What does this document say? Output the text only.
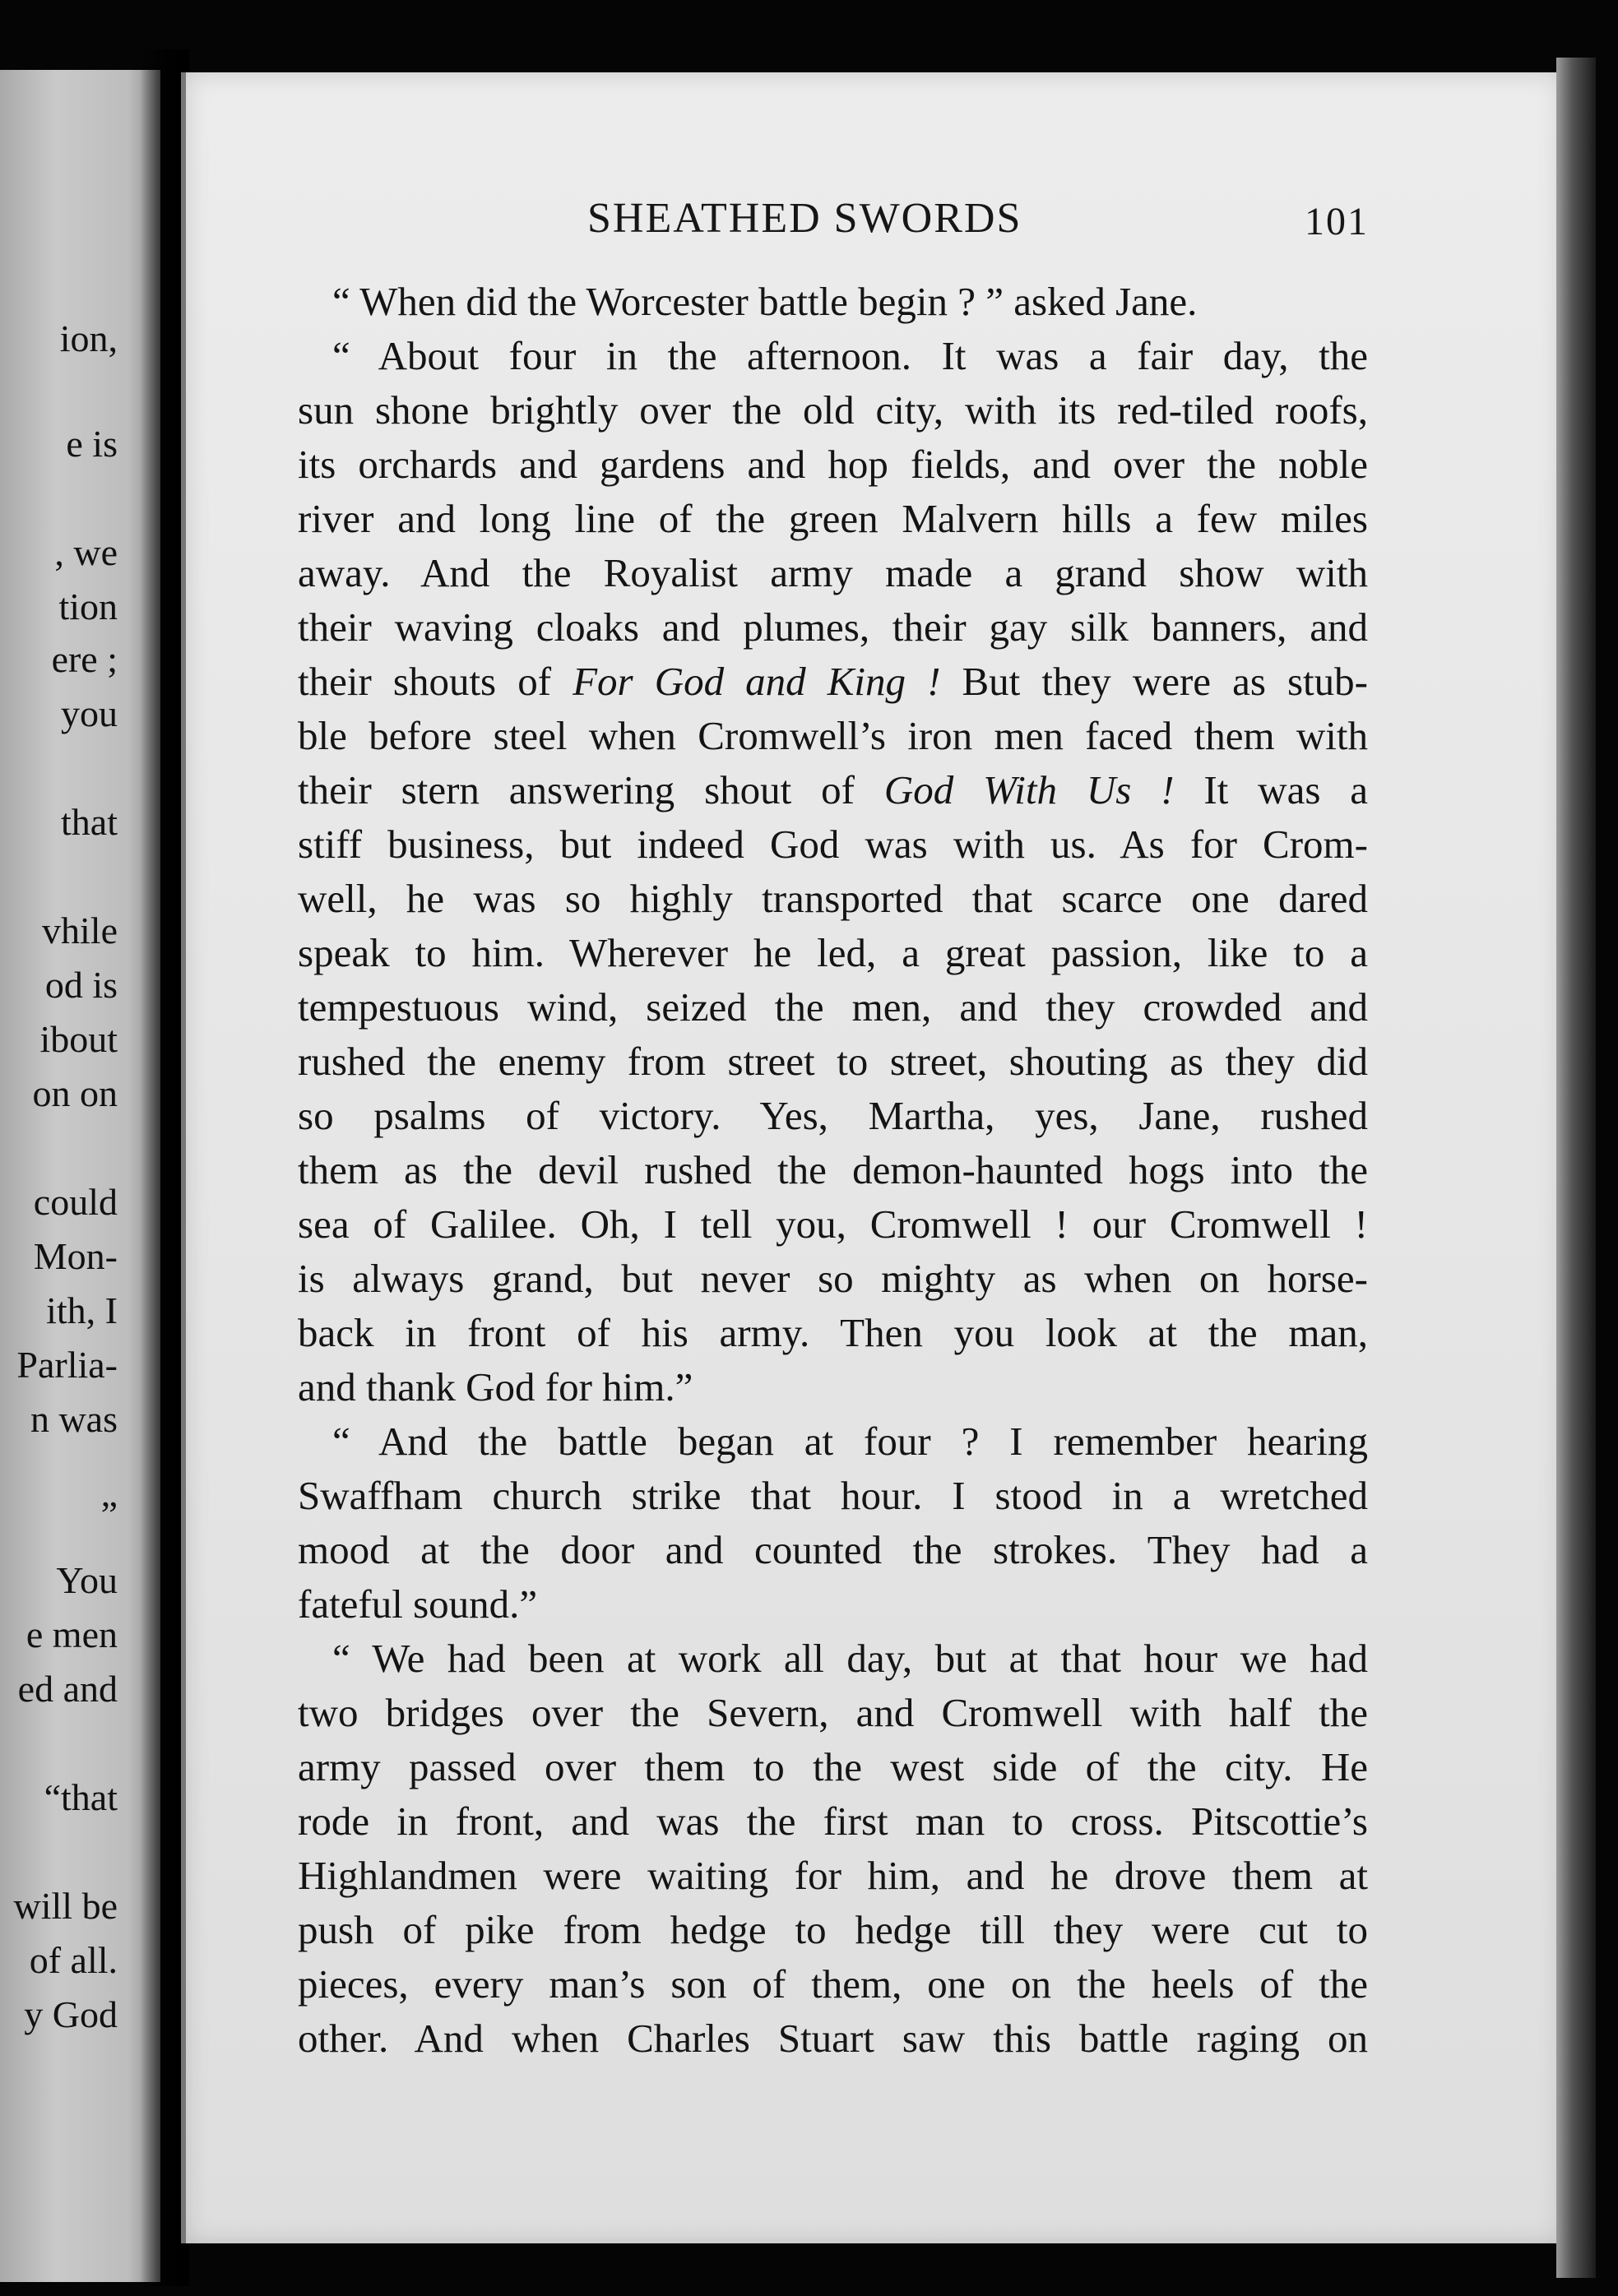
ion,
e is
, we
tion
ere ;
you
that
vhile
od is
ibout
on on
could
Mon-
ith, I
Parlia-
n was
”
You
e men
ed and
“that
will be
of all.
y God
SHEATHED SWORDS	101
“ When did the Worcester battle begin ? ” asked Jane.
“ About four in the afternoon. It was a fair day, the
sun shone brightly over the old city, with its red-tiled roofs,
its orchards and gardens and hop fields, and over the noble
river and long line of the green Malvern hills a few miles
away. And the Royalist army made a grand show with
their waving cloaks and plumes, their gay silk banners, and
their shouts of For God and King ! But they were as stub-
ble before steel when Cromwell’s iron men faced them with
their stern answering shout of God With Us ! It was a
stiff business, but indeed God was with us. As for Crom-
well, he was so highly transported that scarce one dared
speak to him. Wherever he led, a great passion, like to a
tempestuous wind, seized the men, and they crowded and
rushed the enemy from street to street, shouting as they did
so psalms of victory. Yes, Martha, yes, Jane, rushed
them as the devil rushed the demon-haunted hogs into the
sea of Galilee. Oh, I tell you, Cromwell ! our Cromwell !
is always grand, but never so mighty as when on horse-
back in front of his army. Then you look at the man,
and thank God for him.”
“ And the battle began at four ? I remember hearing
Swaffham church strike that hour. I stood in a wretched
mood at the door and counted the strokes. They had a
fateful sound.”
“ We had been at work all day, but at that hour we had
two bridges over the Severn, and Cromwell with half the
army passed over them to the west side of the city. He
rode in front, and was the first man to cross. Pitscottie’s
Highlandmen were waiting for him, and he drove them at
push of pike from hedge to hedge till they were cut to
pieces, every man’s son of them, one on the heels of the
other. And when Charles Stuart saw this battle raging on
